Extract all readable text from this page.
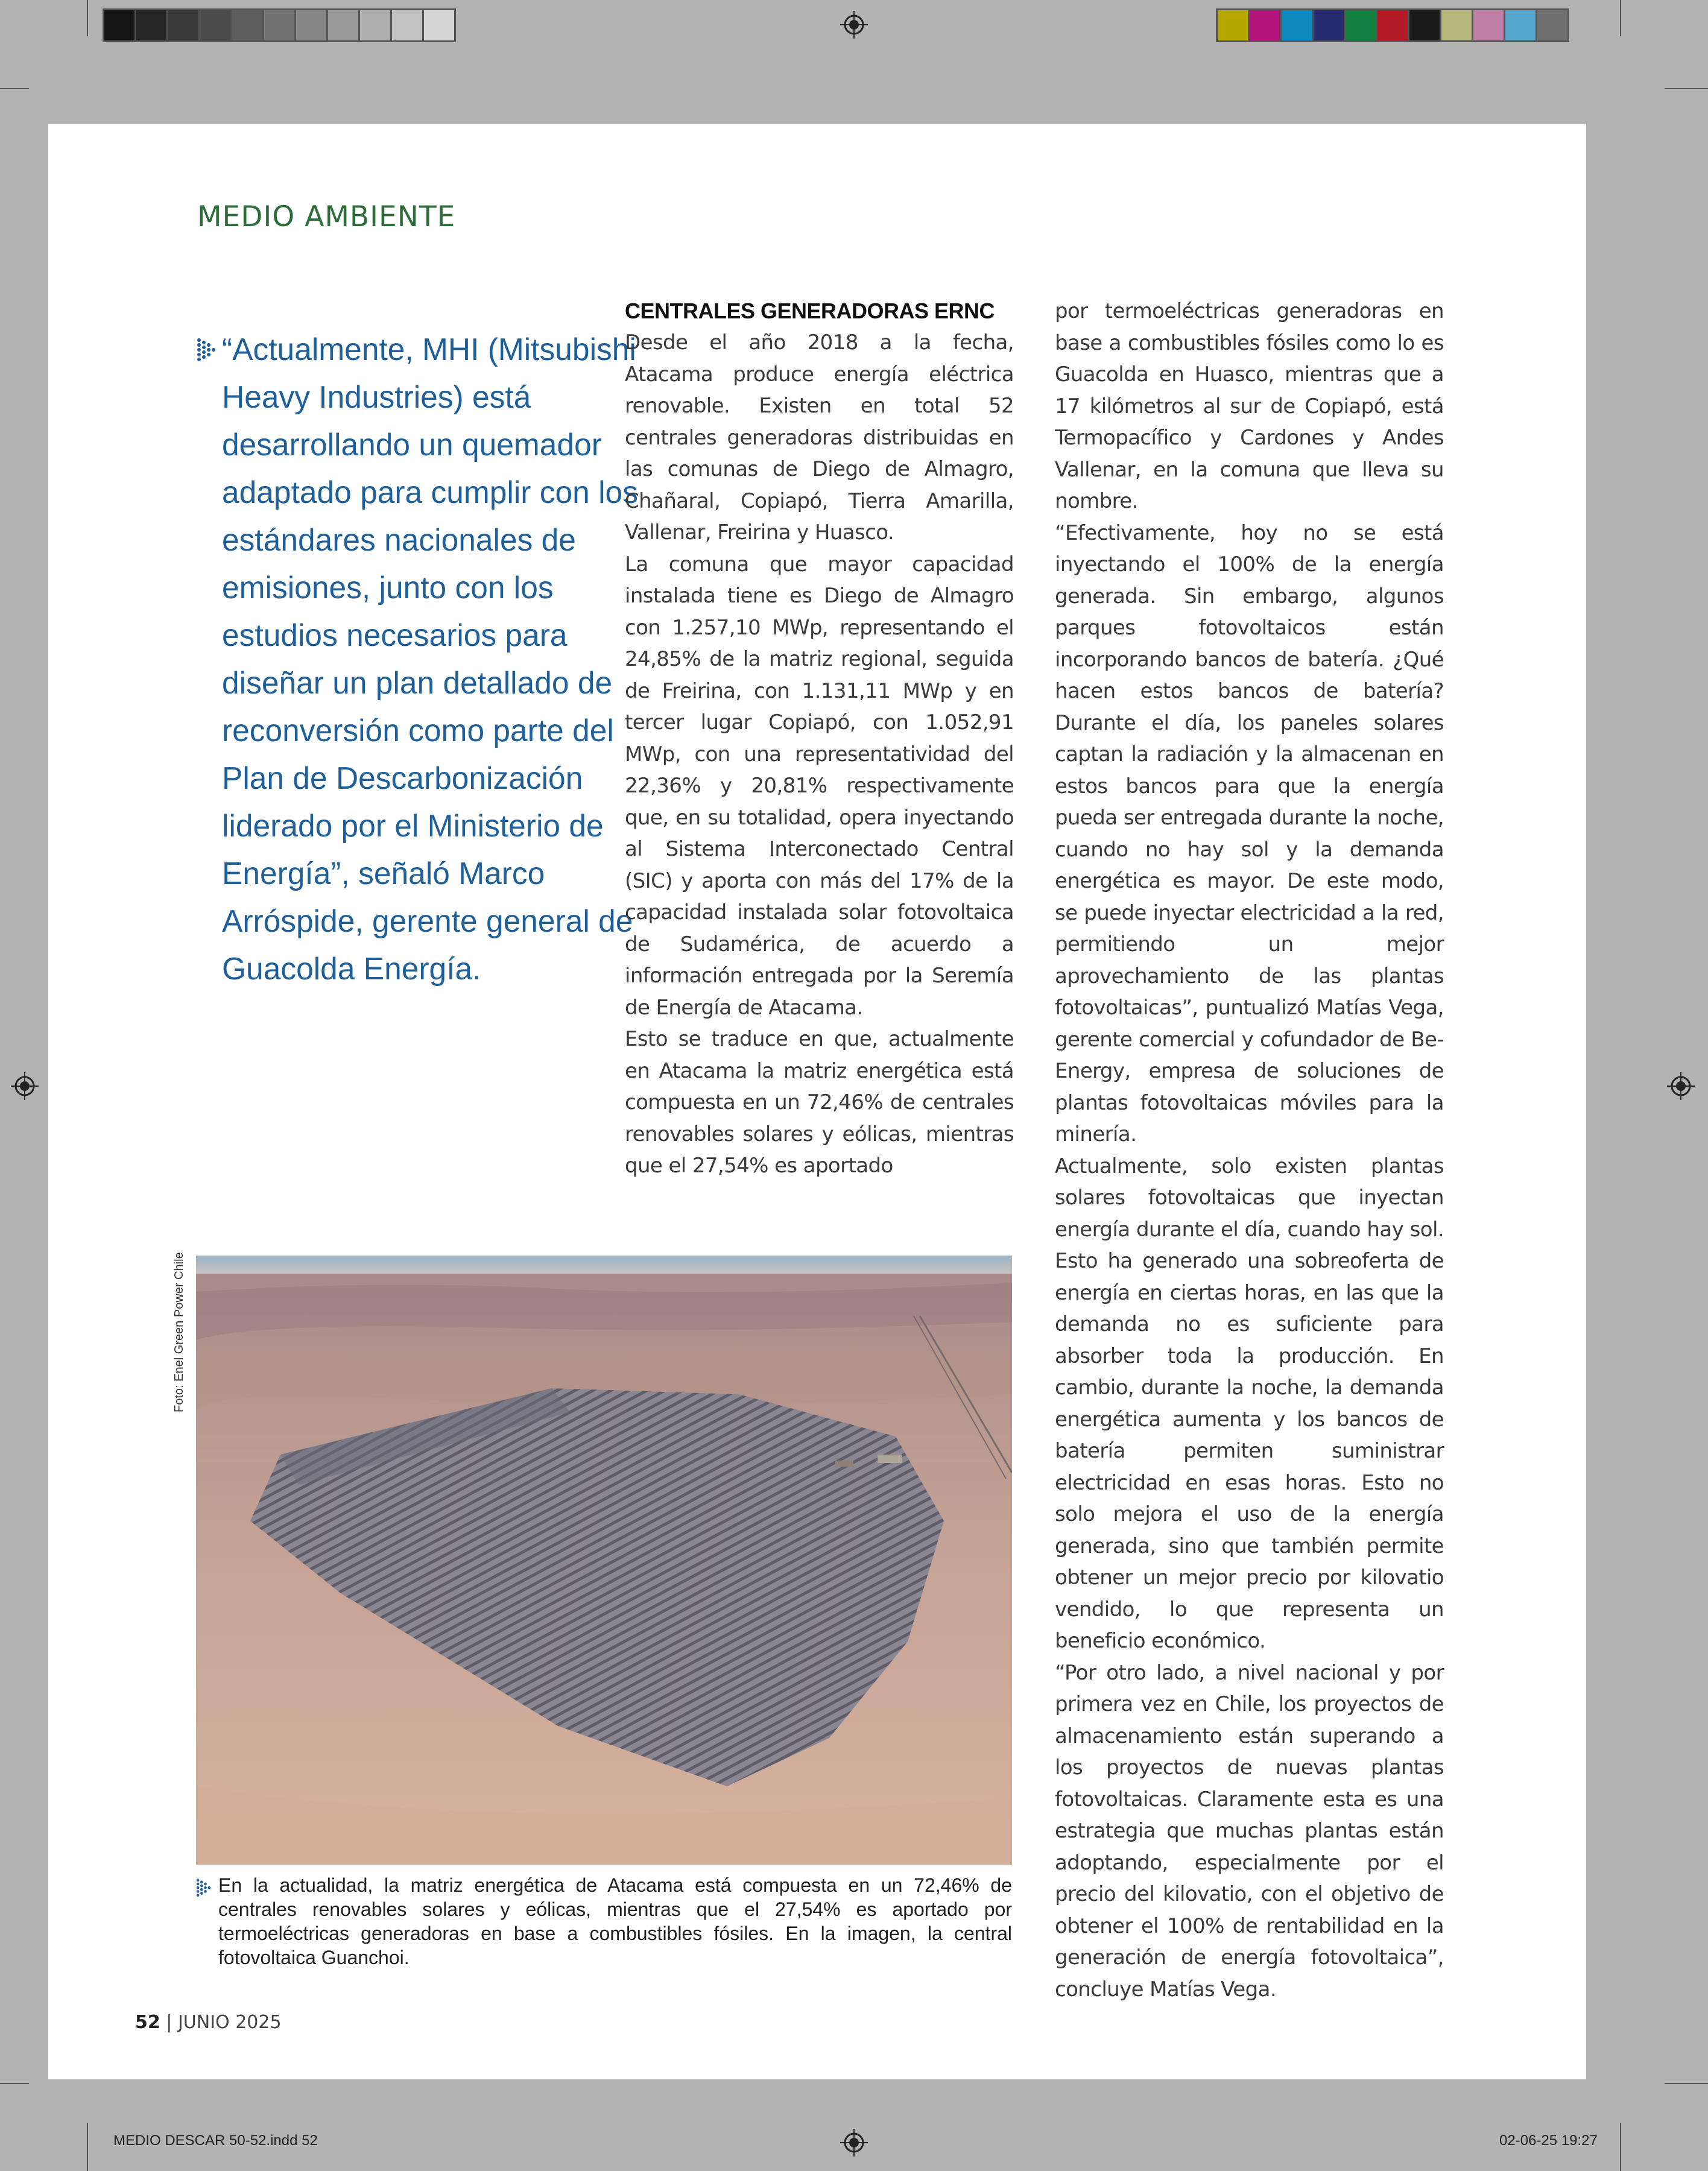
MEDIO AMBIENTE
“Actualmente, MHI (Mitsubishi Heavy Industries) está desarrollando un quemador adaptado para cumplir con los estándares nacionales de emisiones, junto con los estudios necesarios para diseñar un plan detallado de reconversión como parte del Plan de Descarbonización liderado por el Ministerio de Energía”, señaló Marco Arróspide, gerente general de Guacolda Energía.
CENTRALES GENERADORAS ERNC

Desde el año 2018 a la fecha, Atacama produce energía eléctrica renovable. Existen en total 52 centrales generadoras distribuidas en las comunas de Diego de Almagro, Chañaral, Copiapó, Tierra Amarilla, Vallenar, Freirina y Huasco.

La comuna que mayor capacidad instalada tiene es Diego de Almagro con 1.257,10 MWp, representando el 24,85% de la matriz regional, seguida de Freirina, con 1.131,11 MWp y en tercer lugar Copiapó, con 1.052,91 MWp, con una representatividad del 22,36% y 20,81% respectivamente que, en su totalidad, opera inyectando al Sistema Interconectado Central (SIC) y aporta con más del 17% de la capacidad instalada solar fotovoltaica de Sudamérica, de acuerdo a información entregada por la Seremía de Energía de Atacama.

Esto se traduce en que, actualmente en Atacama la matriz energética está compuesta en un 72,46% de centrales renovables solares y eólicas, mientras que el 27,54% es aportado

por termoeléctricas generadoras en base a combustibles fósiles como lo es Guacolda en Huasco, mientras que a 17 kilómetros al sur de Copiapó, está Termopacífico y Cardones y Andes Vallenar, en la comuna que lleva su nombre.

“Efectivamente, hoy no se está inyectando el 100% de la energía generada. Sin embargo, algunos parques fotovoltaicos están incorporando bancos de batería. ¿Qué hacen estos bancos de batería? Durante el día, los paneles solares captan la radiación y la almacenan en estos bancos para que la energía pueda ser entregada durante la noche, cuando no hay sol y la demanda energética es mayor. De este modo, se puede inyectar electricidad a la red, permitiendo un mejor aprovechamiento de las plantas fotovoltaicas”, puntualizó Matías Vega, gerente comercial y cofundador de Be-Energy, empresa de soluciones de plantas fotovoltaicas móviles para la minería.

Actualmente, solo existen plantas solares fotovoltaicas que inyectan energía durante el día, cuando hay sol. Esto ha generado una sobreoferta de energía en ciertas horas, en las que la demanda no es suficiente para absorber toda la producción. En cambio, durante la noche, la demanda energética aumenta y los bancos de batería permiten suministrar electricidad en esas horas. Esto no solo mejora el uso de la energía generada, sino que también permite obtener un mejor precio por kilovatio vendido, lo que representa un beneficio económico.

“Por otro lado, a nivel nacional y por primera vez en Chile, los proyectos de almacenamiento están superando a los proyectos de nuevas plantas fotovoltaicas. Claramente esta es una estrategia que muchas plantas están adoptando, especialmente por el precio del kilovatio, con el objetivo de obtener el 100% de rentabilidad en la generación de energía fotovoltaica”, concluye Matías Vega.

Foto: Enel Green Power Chile
En la actualidad, la matriz energética de Atacama está compuesta en un 72,46% de centrales renovables solares y eólicas, mientras que el 27,54% es aportado por termoeléctricas generadoras en base a combustibles fósiles. En la imagen, la central fotovoltaica Guanchoi.
52 | JUNIO 2025
MEDIO DESCAR 50-52.indd 52	02-06-25 19:27
